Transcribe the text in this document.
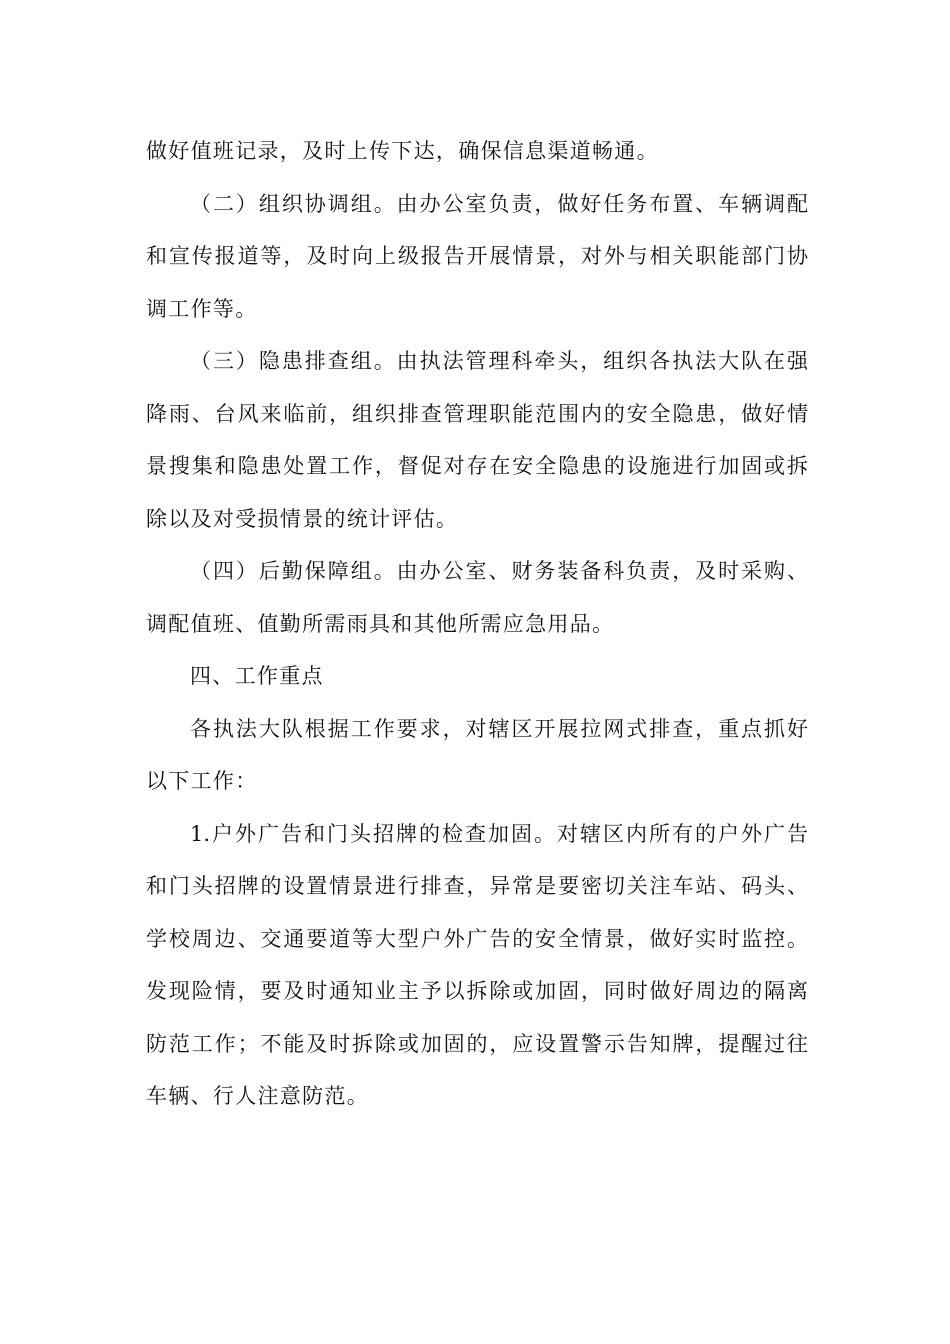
做好值班记录，及时上传下达，确保信息渠道畅通。
（二）组织协调组。由办公室负责，做好任务布置、车辆调配
和宣传报道等，及时向上级报告开展情景，对外与相关职能部门协
调工作等。
（三）隐患排查组。由执法管理科牵头，组织各执法大队在强
降雨、台风来临前，组织排查管理职能范围内的安全隐患，做好情
景搜集和隐患处置工作，督促对存在安全隐患的设施进行加固或拆
除以及对受损情景的统计评估。
（四）后勤保障组。由办公室、财务装备科负责，及时采购、
调配值班、值勤所需雨具和其他所需应急用品。
四、工作重点
各执法大队根据工作要求，对辖区开展拉网式排查，重点抓好
以下工作：
1.户外广告和门头招牌的检查加固。对辖区内所有的户外广告
和门头招牌的设置情景进行排查，异常是要密切关注车站、码头、
学校周边、交通要道等大型户外广告的安全情景，做好实时监控。
发现险情，要及时通知业主予以拆除或加固，同时做好周边的隔离
防范工作；不能及时拆除或加固的，应设置警示告知牌，提醒过往
车辆、行人注意防范。
